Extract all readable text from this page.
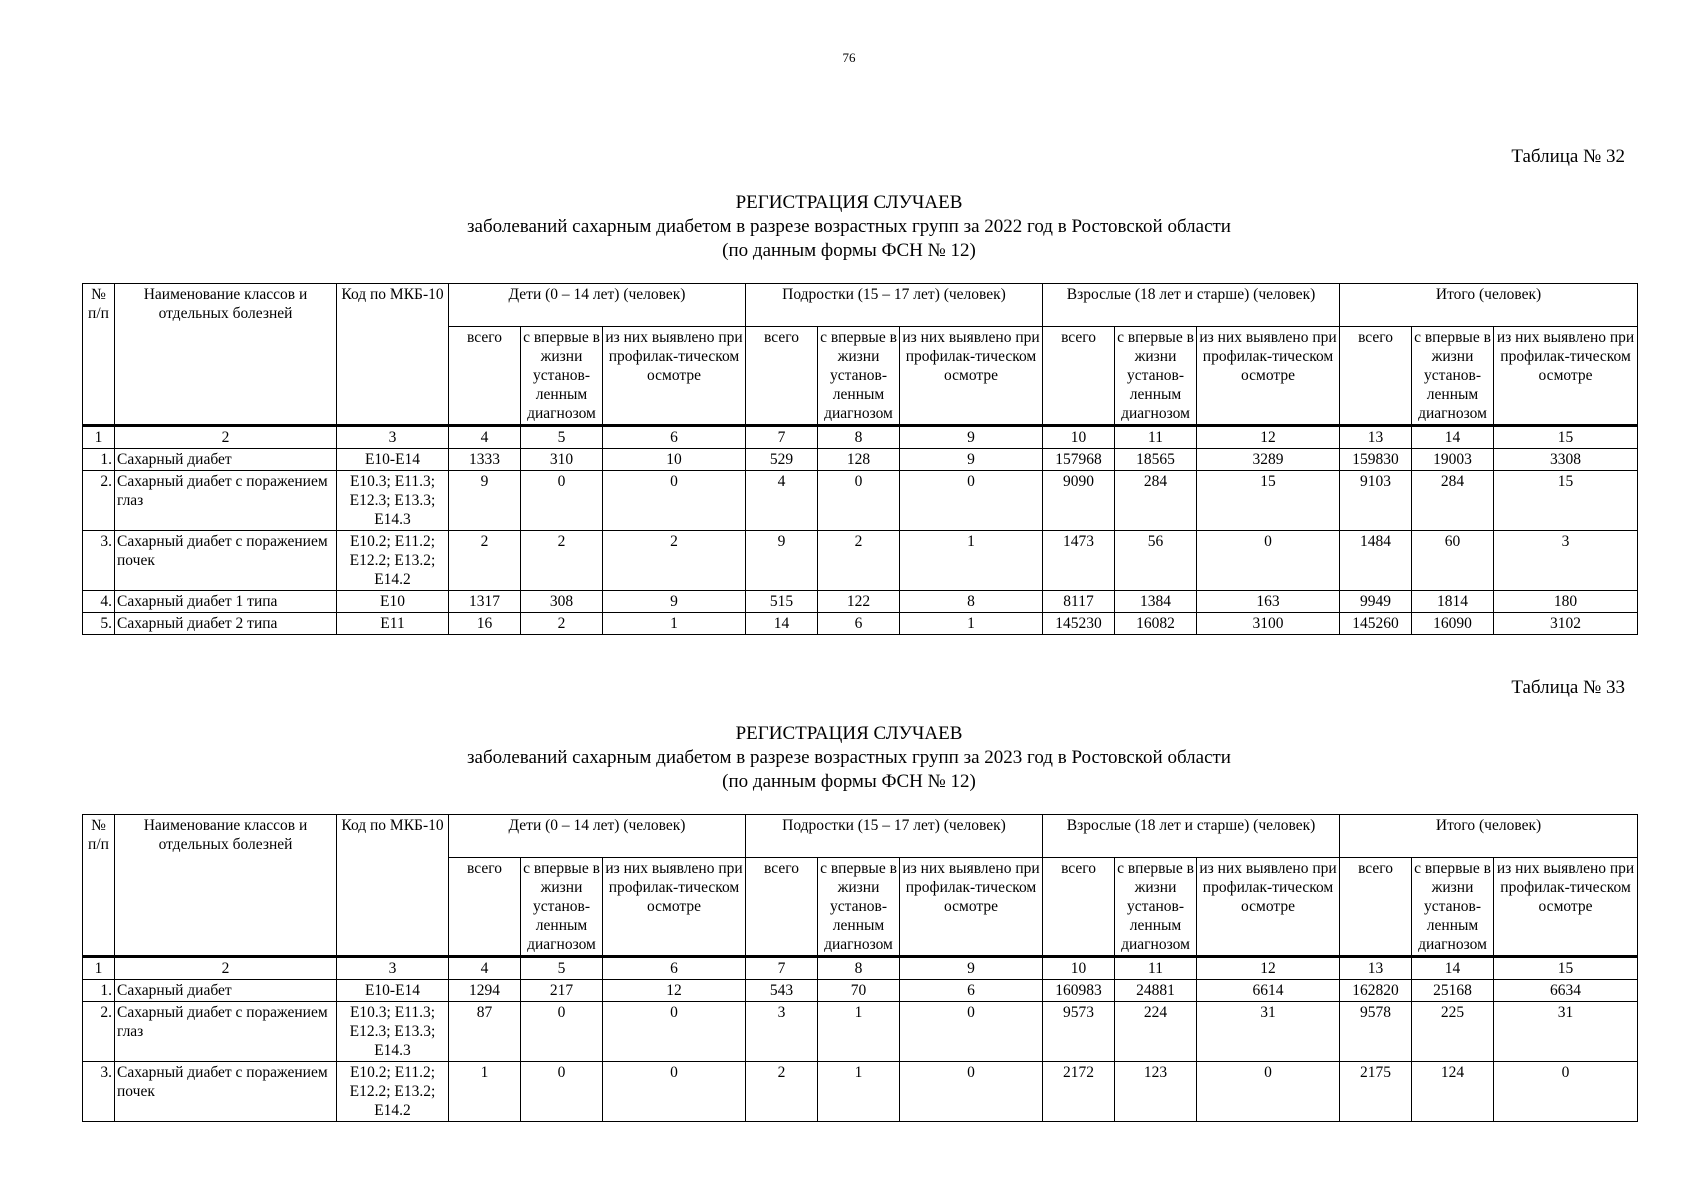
76
Таблица № 32
РЕГИСТРАЦИЯ СЛУЧАЕВ
заболеваний сахарным диабетом в разрезе возрастных групп за 2022 год в Ростовской области
(по данным формы ФСН № 12)
№ п/п	Наименование классов и отдельных болезней	Код по МКБ-10	Дети (0 – 14 лет) (человек)			Подростки (15 – 17 лет) (человек)			Взрослые (18 лет и старше) (человек)			Итого (человек)		
			всего	с впервые в жизни установ-ленным диагнозом	из них выявлено при профилак-тическом осмотре	всего	с впервые в жизни установ-ленным диагнозом	из них выявлено при профилак-тическом осмотре	всего	с впервые в жизни установ-ленным диагнозом	из них выявлено при профилак-тическом осмотре	всего	с впервые в жизни установ-ленным диагнозом	из них выявлено при профилак-тическом осмотре
1	2	3	4	5	6	7	8	9	10	11	12	13	14	15
1.	Сахарный диабет	E10-E14	1333	310	10	529	128	9	157968	18565	3289	159830	19003	3308
2.	Сахарный диабет с поражением глаз	E10.3; E11.3; E12.3; E13.3; E14.3	9	0	0	4	0	0	9090	284	15	9103	284	15
3.	Сахарный диабет с поражением почек	E10.2; E11.2; E12.2; E13.2; E14.2	2	2	2	9	2	1	1473	56	0	1484	60	3
4.	Сахарный диабет 1 типа	E10	1317	308	9	515	122	8	8117	1384	163	9949	1814	180
5.	Сахарный диабет 2 типа	E11	16	2	1	14	6	1	145230	16082	3100	145260	16090	3102
Таблица № 33
РЕГИСТРАЦИЯ СЛУЧАЕВ
заболеваний сахарным диабетом в разрезе возрастных групп за 2023 год в Ростовской области
(по данным формы ФСН № 12)
№ п/п	Наименование классов и отдельных болезней	Код по МКБ-10	Дети (0 – 14 лет) (человек)			Подростки (15 – 17 лет) (человек)			Взрослые (18 лет и старше) (человек)			Итого (человек)		
			всего	с впервые в жизни установ-ленным диагнозом	из них выявлено при профилак-тическом осмотре	всего	с впервые в жизни установ-ленным диагнозом	из них выявлено при профилак-тическом осмотре	всего	с впервые в жизни установ-ленным диагнозом	из них выявлено при профилак-тическом осмотре	всего	с впервые в жизни установ-ленным диагнозом	из них выявлено при профилак-тическом осмотре
1	2	3	4	5	6	7	8	9	10	11	12	13	14	15
1.	Сахарный диабет	E10-E14	1294	217	12	543	70	6	160983	24881	6614	162820	25168	6634
2.	Сахарный диабет с поражением глаз	E10.3; E11.3; E12.3; E13.3; E14.3	87	0	0	3	1	0	9573	224	31	9578	225	31
3.	Сахарный диабет с поражением почек	E10.2; E11.2; E12.2; E13.2; E14.2	1	0	0	2	1	0	2172	123	0	2175	124	0
